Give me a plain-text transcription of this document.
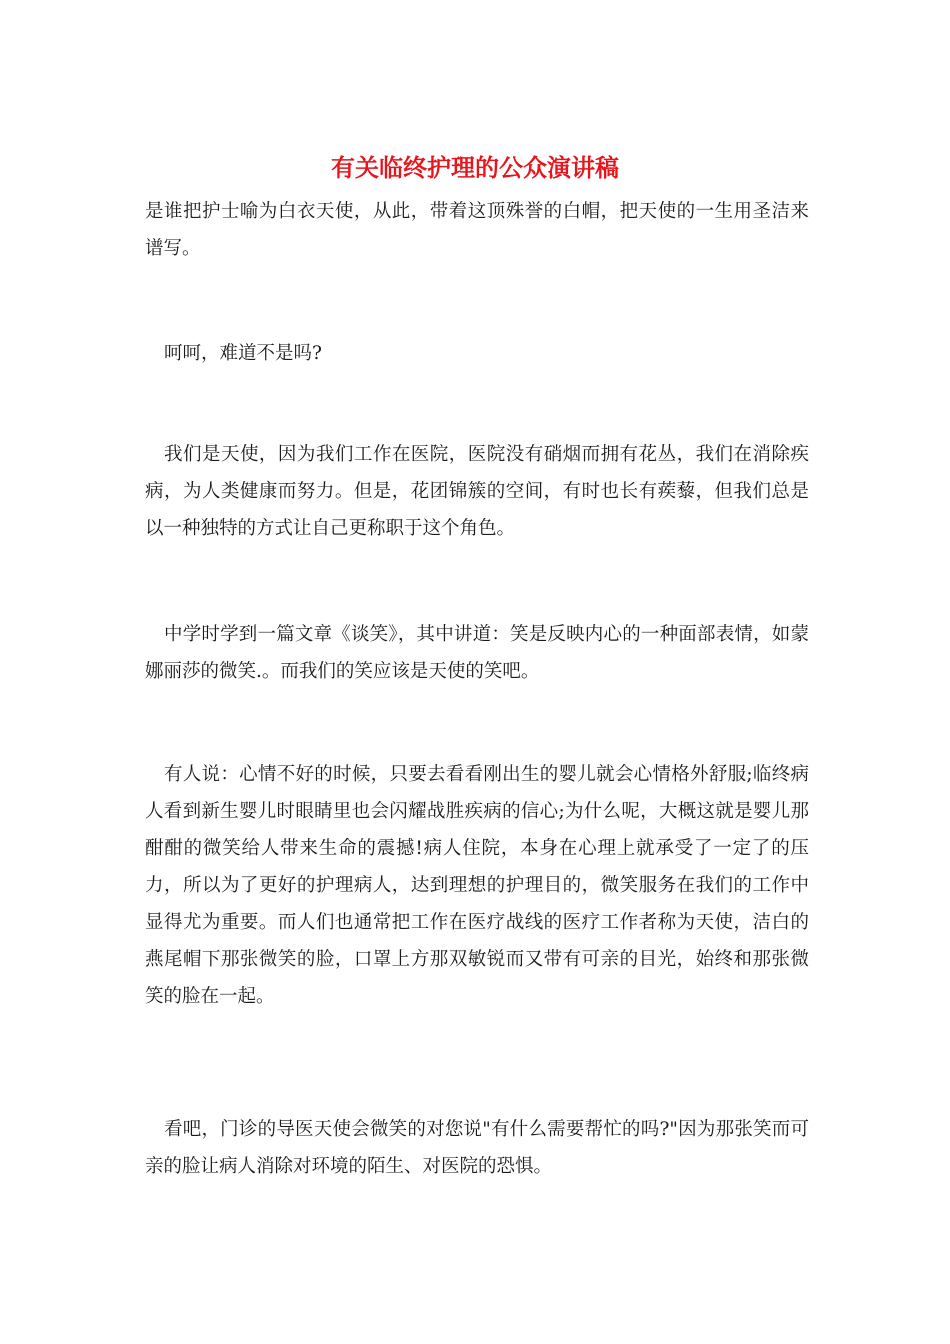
有关临终护理的公众演讲稿

是谁把护士喻为白衣天使，从此，带着这顶殊誉的白帽，把天使的一生用圣洁来谱写。

呵呵，难道不是吗?

我们是天使，因为我们工作在医院，医院没有硝烟而拥有花丛，我们在消除疾病，为人类健康而努力。但是，花团锦簇的空间，有时也长有蒺藜，但我们总是以一种独特的方式让自己更称职于这个角色。

中学时学到一篇文章《谈笑》，其中讲道：笑是反映内心的一种面部表情，如蒙娜丽莎的微笑.。而我们的笑应该是天使的笑吧。

有人说：心情不好的时候，只要去看看刚出生的婴儿就会心情格外舒服;临终病人看到新生婴儿时眼睛里也会闪耀战胜疾病的信心;为什么呢，大概这就是婴儿那酣酣的微笑给人带来生命的震撼!病人住院，本身在心理上就承受了一定了的压力，所以为了更好的护理病人，达到理想的护理目的，微笑服务在我们的工作中显得尤为重要。而人们也通常把工作在医疗战线的医疗工作者称为天使，洁白的燕尾帽下那张微笑的脸，口罩上方那双敏锐而又带有可亲的目光，始终和那张微笑的脸在一起。

看吧，门诊的导医天使会微笑的对您说"有什么需要帮忙的吗?"因为那张笑而可亲的脸让病人消除对环境的陌生、对医院的恐惧。
